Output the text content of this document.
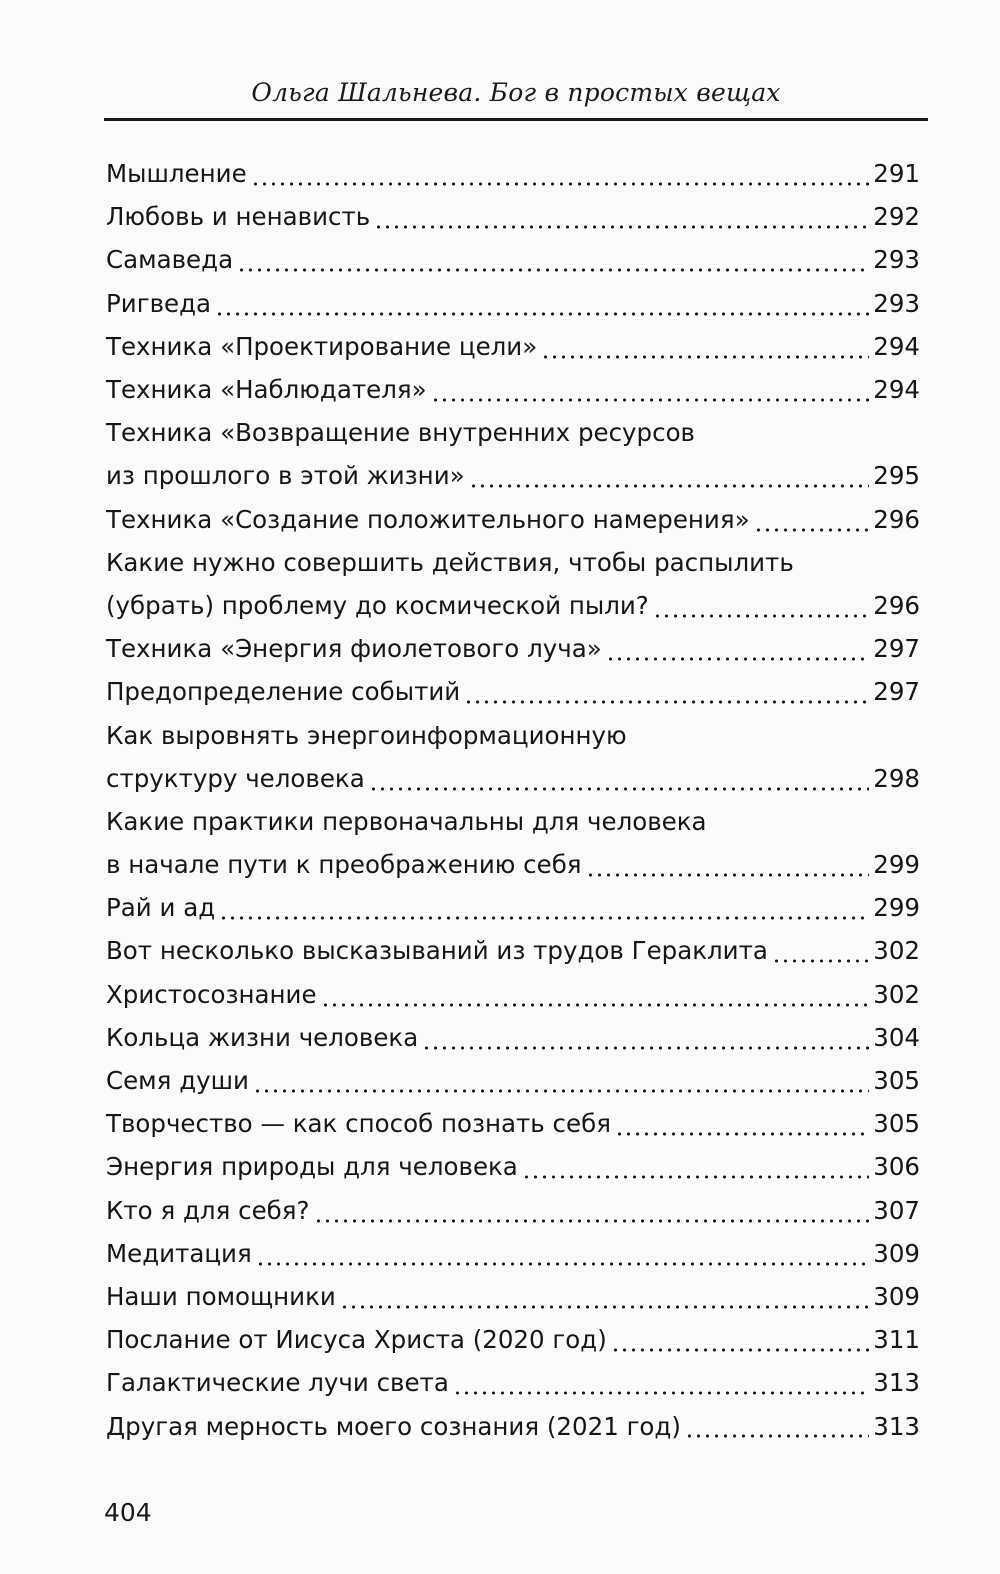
Ольга Шальнева. Бог в простых вещах
Мышление	291
Любовь и ненависть	292
Самаведа	293
Ригведа	293
Техника «Проектирование цели»	294
Техника «Наблюдателя»	294
Техника «Возвращение внутренних ресурсов
из прошлого в этой жизни»	295
Техника «Создание положительного намерения»	296
Какие нужно совершить действия, чтобы распылить
(убрать) проблему до космической пыли?	296
Техника «Энергия фиолетового луча»	297
Предопределение событий	297
Как выровнять энергоинформационную
структуру человека	298
Какие практики первоначальны для человека
в начале пути к преображению себя	299
Рай и ад	299
Вот несколько высказываний из трудов Гераклита	302
Христосознание	302
Кольца жизни человека	304
Семя души	305
Творчество — как способ познать себя	305
Энергия природы для человека	306
Кто я для себя?	307
Медитация	309
Наши помощники	309
Послание от Иисуса Христа (2020 год)	311
Галактические лучи света	313
Другая мерность моего сознания (2021 год)	313
404
